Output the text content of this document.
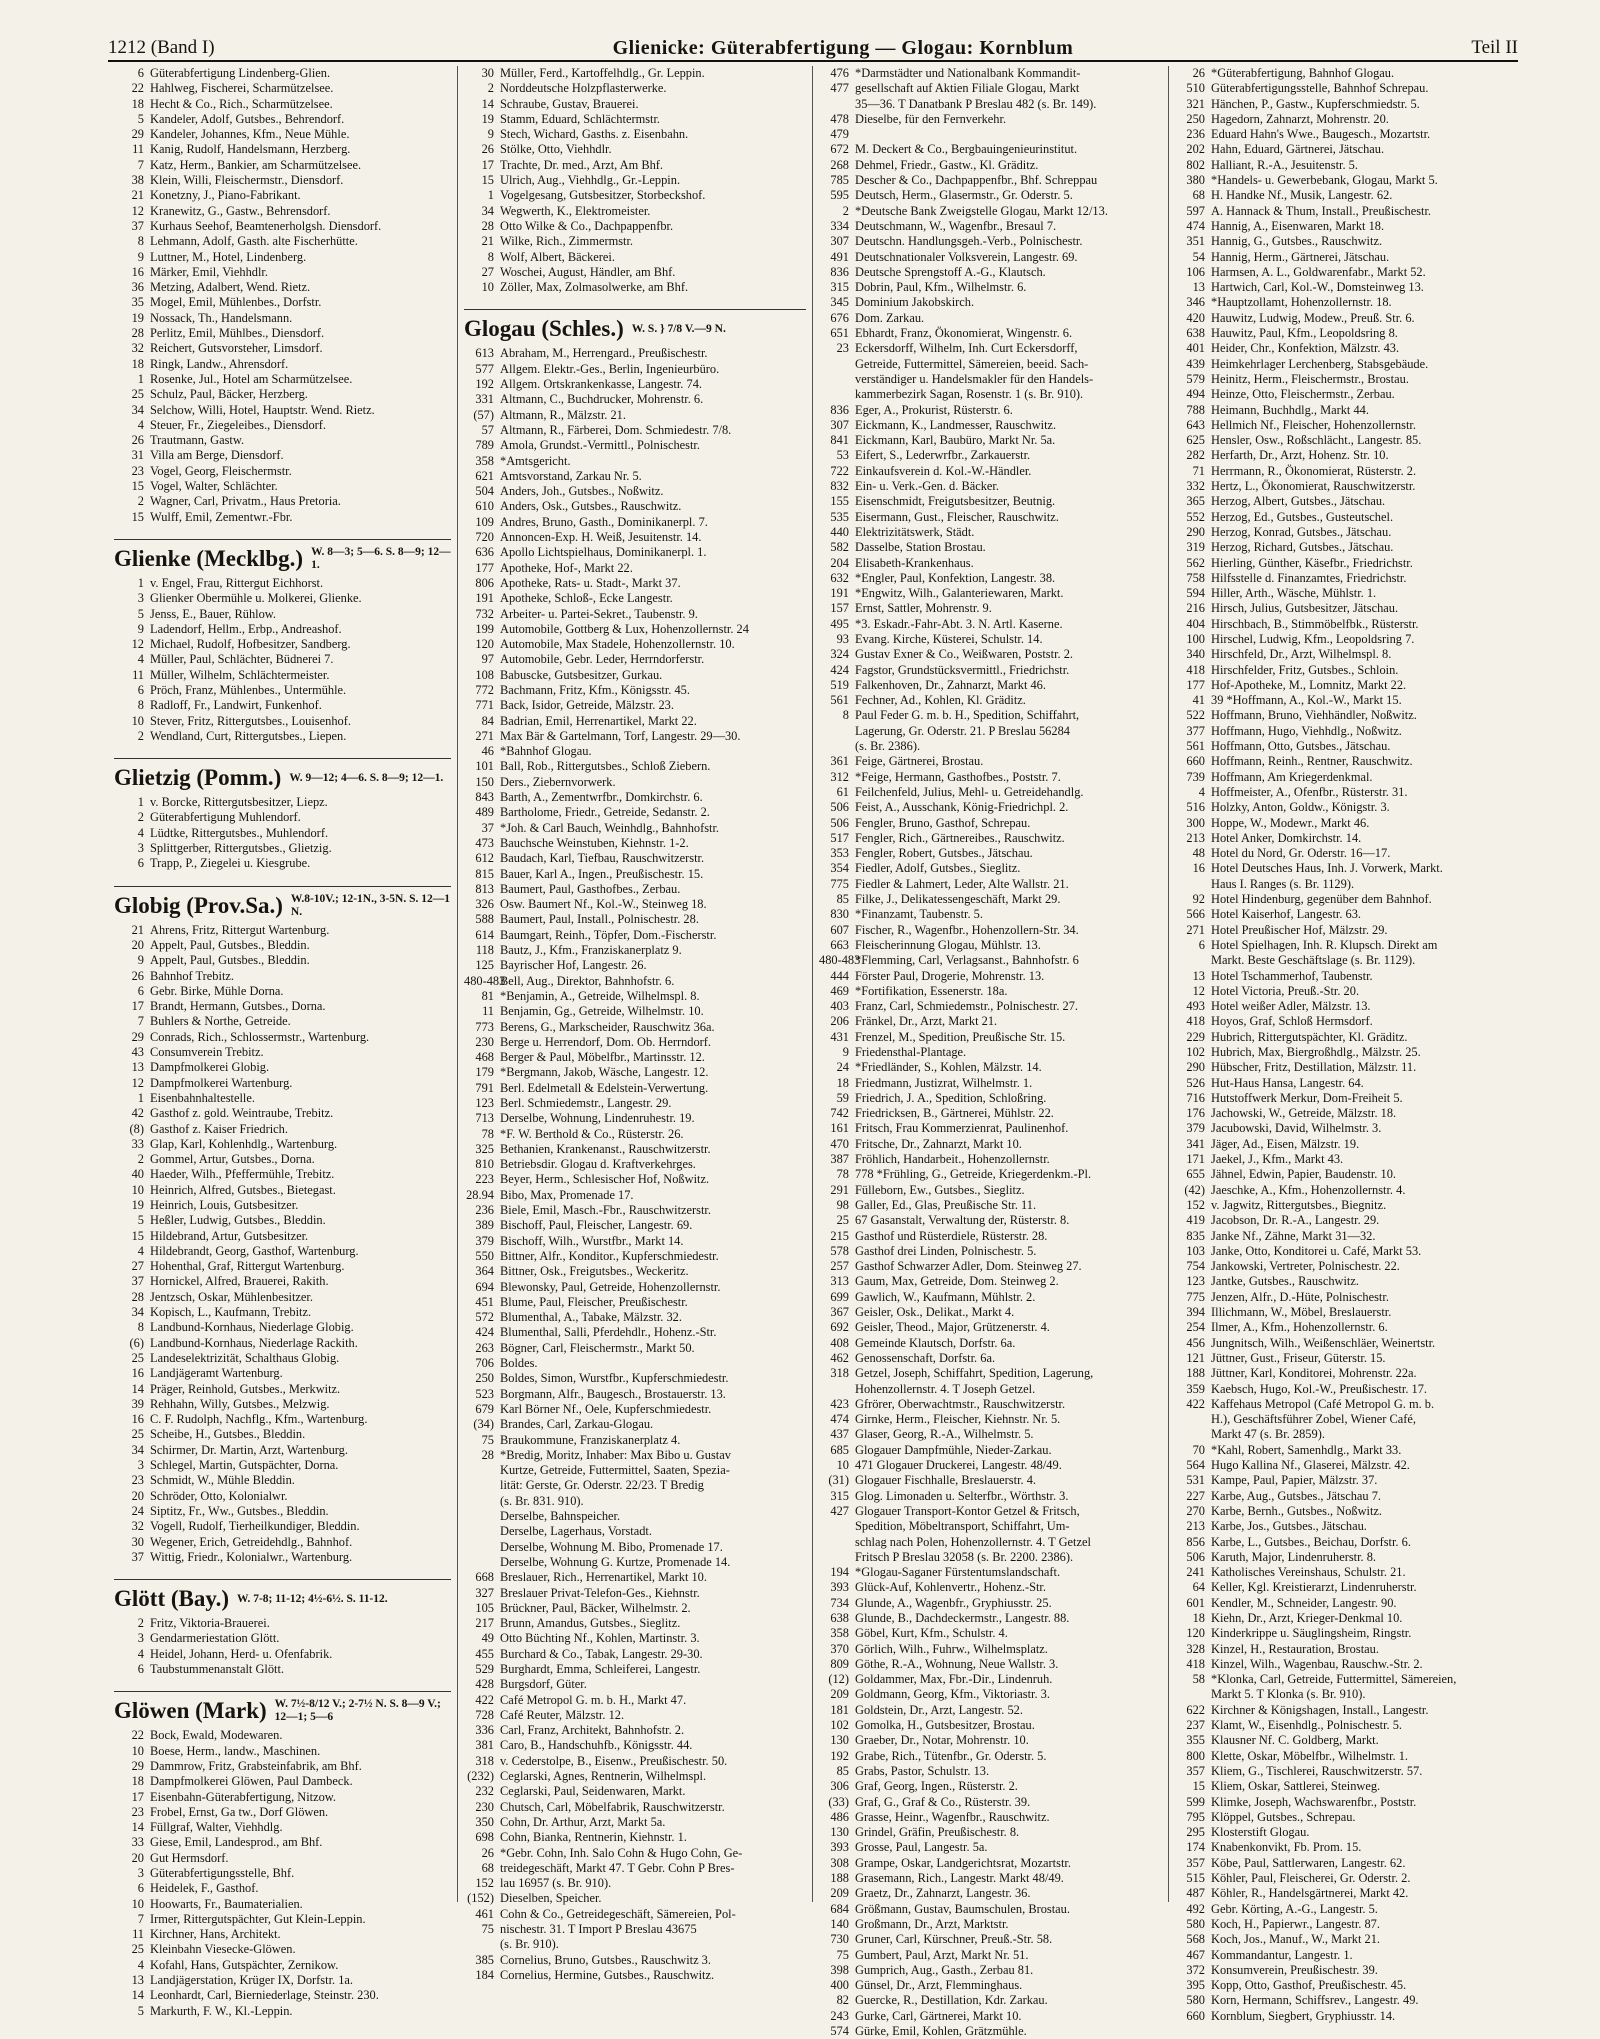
1212 (Band I)	Glienicke: Güterabfertigung — Glogau: Kornblum	Teil II
6 Güterabfertigung Lindenberg-Glien.
22 Hahlweg, Fischerei, Scharmützelsee.
18 Hecht & Co., Rich., Scharmützelsee.
5 Kandeler, Adolf, Gutsbes., Behrendorf.
29 Kandeler, Johannes, Kfm., Neue Mühle.
11 Kanig, Rudolf, Handelsmann, Herzberg.
7 Katz, Herm., Bankier, am Scharmützelsee.
38 Klein, Willi, Fleischermstr., Diensdorf.
21 Konetzny, J., Piano-Fabrikant.
12 Kranewitz, G., Gastw., Behrensdorf.
37 Kurhaus Seehof, Beamtenerholgsh. Diensdorf.
8 Lehmann, Adolf, Gasth. alte Fischerhütte.
9 Luttner, M., Hotel, Lindenberg.
16 Märker, Emil, Viehhdlr.
36 Metzing, Adalbert, Wend. Rietz.
35 Mogel, Emil, Mühlenbes., Dorfstr.
19 Nossack, Th., Handelsmann.
28 Perlitz, Emil, Mühlbes., Diensdorf.
32 Reichert, Gutsvorsteher, Limsdorf.
18 Ringk, Landw., Ahrensdorf.
1 Rosenke, Jul., Hotel am Scharmützelsee.
25 Schulz, Paul, Bäcker, Herzberg.
34 Selchow, Willi, Hotel, Hauptstr. Wend. Rietz.
4 Steuer, Fr., Ziegeleibes., Diensdorf.
26 Trautmann, Gastw.
31 Villa am Berge, Diensdorf.
23 Vogel, Georg, Fleischermstr.
15 Vogel, Walter, Schlächter.
2 Wagner, Carl, Privatm., Haus Pretoria.
15 Wulff, Emil, Zementwr.-Fbr.
Glienke (Mecklbg.) W. 8—3; 5—6. S. 8—9; 12—1.
1 v. Engel, Frau, Rittergut Eichhorst.
3 Glienker Obermühle u. Molkerei, Glienke.
5 Jenss, E., Bauer, Rühlow.
9 Ladendorf, Hellm., Erbp., Andreashof.
12 Michael, Rudolf, Hofbesitzer, Sandberg.
4 Müller, Paul, Schlächter, Büdnerei 7.
11 Müller, Wilhelm, Schlächtermeister.
6 Pröch, Franz, Mühlenbes., Untermühle.
8 Radloff, Fr., Landwirt, Funkenhof.
10 Stever, Fritz, Rittergutsbes., Louisenhof.
2 Wendland, Curt, Rittergutsbes., Liepen.
Glietzig (Pomm.) W. 9—12; 4—6. S. 8—9; 12—1.
1 v. Borcke, Rittergutsbesitzer, Liepz.
2 Güterabfertigung Muhlendorf.
4 Lüdtke, Rittergutsbes., Muhlendorf.
3 Splittgerber, Rittergutsbes., Glietzig.
6 Trapp, P., Ziegelei u. Kiesgrube.
Globig (Prov.Sa.) W.8-10V.; 12-1N., 3-5N. S. 12—1 N.
21 Ahrens, Fritz, Rittergut Wartenburg.
20 Appelt, Paul, Gutsbes., Bleddin.
9 Appelt, Paul, Gutsbes., Bleddin.
26 Bahnhof Trebitz.
6 Gebr. Birke, Mühle Dorna.
17 Brandt, Hermann, Gutsbes., Dorna.
7 Buhlers & Northe, Getreide.
29 Conrads, Rich., Schlossermstr., Wartenburg.
43 Consumverein Trebitz.
13 Dampfmolkerei Globig.
12 Dampfmolkerei Wartenburg.
1 Eisenbahnhaltestelle.
42 Gasthof z. gold. Weintraube, Trebitz.
(8) Gasthof z. Kaiser Friedrich.
33 Glap, Karl, Kohlenhdlg., Wartenburg.
2 Gommel, Artur, Gutsbes., Dorna.
40 Haeder, Wilh., Pfeffermühle, Trebitz.
10 Heinrich, Alfred, Gutsbes., Bietegast.
19 Heinrich, Louis, Gutsbesitzer.
5 Heßler, Ludwig, Gutsbes., Bleddin.
15 Hildebrand, Artur, Gutsbesitzer.
4 Hildebrandt, Georg, Gasthof, Wartenburg.
27 Hohenthal, Graf, Rittergut Wartenburg.
37 Hornickel, Alfred, Brauerei, Rakith.
28 Jentzsch, Oskar, Mühlenbesitzer.
34 Kopisch, L., Kaufmann, Trebitz.
8 Landbund-Kornhaus, Niederlage Globig.
(6) Landbund-Kornhaus, Niederlage Rackith.
25 Landeselektrizität, Schalthaus Globig.
16 Landjägeramt Wartenburg.
14 Präger, Reinhold, Gutsbes., Merkwitz.
39 Rehhahn, Willy, Gutsbes., Melzwig.
16 C. F. Rudolph, Nachflg., Kfm., Wartenburg.
25 Scheibe, H., Gutsbes., Bleddin.
34 Schirmer, Dr. Martin, Arzt, Wartenburg.
3 Schlegel, Martin, Gutspächter, Dorna.
23 Schmidt, W., Mühle Bleddin.
20 Schröder, Otto, Kolonialwr.
24 Siptitz, Fr., Ww., Gutsbes., Bleddin.
32 Vogell, Rudolf, Tierheilkundiger, Bleddin.
30 Wegener, Erich, Getreidehdlg., Bahnhof.
37 Wittig, Friedr., Kolonialwr., Wartenburg.
Glött (Bay.) W. 7-8; 11-12; 4½-6½. S. 11-12.
2 Fritz, Viktoria-Brauerei.
3 Gendarmeriestation Glött.
4 Heidel, Johann, Herd- u. Ofenfabrik.
6 Taubstummenanstalt Glött.
Glöwen (Mark) W. 7½-8/12 V.; 2-7½ N. S. 8—9 V.; 12—1; 5—6
22 Bock, Ewald, Modewaren.
10 Boese, Herm., landw., Maschinen.
29 Dammrow, Fritz, Grabsteinfabrik, am Bhf.
18 Dampfmolkerei Glöwen, Paul Dambeck.
17 Eisenbahn-Güterabfertigung, Nitzow.
23 Frobel, Ernst, Ga tw., Dorf Glöwen.
14 Füllgraf, Walter, Viehhdlg.
33 Giese, Emil, Landesprod., am Bhf.
20 Gut Hermsdorf.
3 Güterabfertigungsstelle, Bhf.
6 Heidelek, F., Gasthof.
10 Hoowarts, Fr., Baumaterialien.
7 Irmer, Rittergutspächter, Gut Klein-Leppin.
11 Kirchner, Hans, Architekt.
25 Kleinbahn Viesecke-Glöwen.
4 Kofahl, Hans, Gutspächter, Zernikow.
13 Landjägerstation, Krüger IX, Dorfstr. 1a.
14 Leonhardt, Carl, Bierniederlage, Steinstr. 230.
5 Markurth, F. W., Kl.-Leppin.
30 Müller, Ferd., Kartoffelhdlg., Gr. Leppin.
2 Norddeutsche Holzpflasterwerke.
14 Schraube, Gustav, Brauerei.
19 Stamm, Eduard, Schlächtermstr.
9 Stech, Wichard, Gasths. z. Eisenbahn.
26 Stölke, Otto, Viehhdlr.
17 Trachte, Dr. med., Arzt, Am Bhf.
15 Ulrich, Aug., Viehhdlg., Gr.-Leppin.
1 Vogelgesang, Gutsbesitzer, Storbeckshof.
34 Wegwerth, K., Elektromeister.
28 Otto Wilke & Co., Dachpappenfbr.
21 Wilke, Rich., Zimmermstr.
8 Wolf, Albert, Bäckerei.
27 Woschei, August, Händler, am Bhf.
10 Zöller, Max, Zolmasolwerke, am Bhf.
Glogau (Schles.) W. S. } 7/8 V.—9 N.
613 Abraham, M., Herrengard., Preußischestr.
577 Allgem. Elektr.-Ges., Berlin, Ingenieurbüro.
192 Allgem. Ortskrankenkasse, Langestr. 74.
331 Altmann, C., Buchdrucker, Mohrenstr. 6.
(57) Altmann, R., Mälzstr. 21.
57 Altmann, R., Färberei, Dom. Schmiedestr. 7/8.
789 Amola, Grundst.-Vermittl., Polnischestr.
358 *Amtsgericht.
621 Amtsvorstand, Zarkau Nr. 5.
504 Anders, Joh., Gutsbes., Noßwitz.
610 Anders, Osk., Gutsbes., Rauschwitz.
109 Andres, Bruno, Gasth., Dominikanerpl. 7.
720 Annoncen-Exp. H. Weiß, Jesuitenstr. 14.
636 Apollo Lichtspielhaus, Dominikanerpl. 1.
177 Apotheke, Hof-, Markt 22.
806 Apotheke, Rats- u. Stadt-, Markt 37.
191 Apotheke, Schloß-, Ecke Langestr.
732 Arbeiter- u. Partei-Sekret., Taubenstr. 9.
199 Automobile, Gottberg & Lux, Hohenzollernstr. 24
120 Automobile, Max Stadele, Hohenzollernstr. 10.
97 Automobile, Gebr. Leder, Herrndorferstr.
108 Babuscke, Gutsbesitzer, Gurkau.
772 Bachmann, Fritz, Kfm., Königsstr. 45.
771 Back, Isidor, Getreide, Mälzstr. 23.
84 Badrian, Emil, Herrenartikel, Markt 22.
271 Max Bär & Gartelmann, Torf, Langestr. 29—30.
46 *Bahnhof Glogau.
101 Ball, Rob., Rittergutsbes., Schloß Ziebern.
150 Ders., Ziebernvorwerk.
843 Barth, A., Zementwrfbr., Domkirchstr. 6.
489 Bartholome, Friedr., Getreide, Sedanstr. 2.
37 *Joh. & Carl Bauch, Weinhdlg., Bahnhofstr.
473 Bauchsche Weinstuben, Kiehnstr. 1-2.
612 Baudach, Karl, Tiefbau, Rauschwitzerstr.
815 Bauer, Karl A., Ingen., Preußischestr. 15.
813 Baumert, Paul, Gasthofbes., Zerbau.
326 Osw. Baumert Nf., Kol.-W., Steinweg 18.
588 Baumert, Paul, Install., Polnischestr. 28.
614 Baumgart, Reinh., Töpfer, Dom.-Fischerstr.
118 Bautz, J., Kfm., Franziskanerplatz 9.
125 Bayrischer Hof, Langestr. 26.
480-483Bell, Aug., Direktor, Bahnhofstr. 6.
81 *Benjamin, A., Getreide, Wilhelmspl. 8.
11 Benjamin, Gg., Getreide, Wilhelmstr. 10.
773 Berens, G., Markscheider, Rauschwitz 36a.
230 Berge u. Herrendorf, Dom. Ob. Herrndorf.
468 Berger & Paul, Möbelfbr., Martinsstr. 12.
179 *Bergmann, Jakob, Wäsche, Langestr. 12.
791 Berl. Edelmetall & Edelstein-Verwertung.
123 Berl. Schmiedemstr., Langestr. 29.
713 Derselbe, Wohnung, Lindenruhestr. 19.
78 *F. W. Berthold & Co., Rüsterstr. 26.
325 Bethanien, Krankenanst., Rauschwitzerstr.
810 Betriebsdir. Glogau d. Kraftverkehrges.
223 Beyer, Herm., Schlesischer Hof, Noßwitz.
28.94 Bibo, Max, Promenade 17.
236 Biele, Emil, Masch.-Fbr., Rauschwitzerstr.
389 Bischoff, Paul, Fleischer, Langestr. 69.
379 Bischoff, Wilh., Wurstfbr., Markt 14.
550 Bittner, Alfr., Konditor., Kupferschmiedestr.
364 Bittner, Osk., Freigutsbes., Weckeritz.
694 Blewonsky, Paul, Getreide, Hohenzollernstr.
451 Blume, Paul, Fleischer, Preußischestr.
572 Blumenthal, A., Tabake, Mälzstr. 32.
424 Blumenthal, Salli, Pferdehdlr., Hohenz.-Str.
263 Bögner, Carl, Fleischermstr., Markt 50.
706 Boldes.
250 Boldes, Simon, Wurstfbr., Kupferschmiedestr.
523 Borgmann, Alfr., Baugesch., Brostauerstr. 13.
679 Karl Börner Nf., Oele, Kupferschmiedestr.
(34) Brandes, Carl, Zarkau-Glogau.
75 Braukommune, Franziskanerplatz 4.
28 *Bredig, Moritz, Inhaber: Max Bibo u. Gustav
Kurtze, Getreide, Futtermittel, Saaten, Spezia-
lität: Gerste, Gr. Oderstr. 22/23. T Bredig
(s. Br. 831. 910).
Derselbe, Bahnspeicher.
Derselbe, Lagerhaus, Vorstadt.
Derselbe, Wohnung M. Bibo, Promenade 17.
Derselbe, Wohnung G. Kurtze, Promenade 14.
668 Breslauer, Rich., Herrenartikel, Markt 10.
327 Breslauer Privat-Telefon-Ges., Kiehnstr.
105 Brückner, Paul, Bäcker, Wilhelmstr. 2.
217 Brunn, Amandus, Gutsbes., Sieglitz.
49 Otto Büchting Nf., Kohlen, Martinstr. 3.
455 Burchard & Co., Tabak, Langestr. 29-30.
529 Burghardt, Emma, Schleiferei, Langestr.
428 Burgsdorf, Güter.
422 Café Metropol G. m. b. H., Markt 47.
728 Café Reuter, Mälzstr. 12.
336 Carl, Franz, Architekt, Bahnhofstr. 2.
381 Caro, B., Handschuhfb., Königsstr. 44.
318 v. Cederstolpe, B., Eisenw., Preußischestr. 50.
(232) Ceglarski, Agnes, Rentnerin, Wilhelmspl.
232 Ceglarski, Paul, Seidenwaren, Markt.
230 Chutsch, Carl, Möbelfabrik, Rauschwitzerstr.
350 Cohn, Dr. Arthur, Arzt, Markt 5a.
698 Cohn, Bianka, Rentnerin, Kiehnstr. 1.
26 *Gebr. Cohn, Inh. Salo Cohn & Hugo Cohn, Ge-
68 treidegeschäft, Markt 47. T Gebr. Cohn P Bres-
152 lau 16957 (s. Br. 910).
(152) Dieselben, Speicher.
461 Cohn & Co., Getreidegeschäft, Sämereien, Pol-
75 nischestr. 31. T Import P Breslau 43675
(s. Br. 910).
385 Cornelius, Bruno, Gutsbes., Rauschwitz 3.
184 Cornelius, Hermine, Gutsbes., Rauschwitz.
476 *Darmstädter und Nationalbank Kommandit-
477 gesellschaft auf Aktien Filiale Glogau, Markt
35—36. T Danatbank P Breslau 482 (s. Br. 149).
478 Dieselbe, für den Fernverkehr.
479
672 M. Deckert & Co., Bergbauingenieurinstitut.
268 Dehmel, Friedr., Gastw., Kl. Gräditz.
785 Descher & Co., Dachpappenfbr., Bhf. Schreppau
595 Deutsch, Herm., Glasermstr., Gr. Oderstr. 5.
2 *Deutsche Bank Zweigstelle Glogau, Markt 12/13.
334 Deutschmann, W., Wagenfbr., Bresaul 7.
307 Deutschn. Handlungsgeh.-Verb., Polnischestr.
491 Deutschnationaler Volksverein, Langestr. 69.
836 Deutsche Sprengstoff A.-G., Klautsch.
315 Dobrin, Paul, Kfm., Wilhelmstr. 6.
345 Dominium Jakobskirch.
676 Dom. Zarkau.
651 Ebhardt, Franz, Ökonomierat, Wingenstr. 6.
23 Eckersdorff, Wilhelm, Inh. Curt Eckersdorff,
Getreide, Futtermittel, Sämereien, beeid. Sach-
verständiger u. Handelsmakler für den Handels-
kammerbezirk Sagan, Rosenstr. 1 (s. Br. 910).
836 Eger, A., Prokurist, Rüsterstr. 6.
307 Eickmann, K., Landmesser, Rauschwitz.
841 Eickmann, Karl, Baubüro, Markt Nr. 5a.
53 Eifert, S., Lederwrfbr., Zarkauerstr.
722 Einkaufsverein d. Kol.-W.-Händler.
832 Ein- u. Verk.-Gen. d. Bäcker.
155 Eisenschmidt, Freigutsbesitzer, Beutnig.
535 Eisermann, Gust., Fleischer, Rauschwitz.
440 Elektrizitätswerk, Städt.
582 Dasselbe, Station Brostau.
204 Elisabeth-Krankenhaus.
632 *Engler, Paul, Konfektion, Langestr. 38.
191 *Engwitz, Wilh., Galanteriewaren, Markt.
157 Ernst, Sattler, Mohrenstr. 9.
495 *3. Eskadr.-Fahr-Abt. 3. N. Artl. Kaserne.
93 Evang. Kirche, Küsterei, Schulstr. 14.
324 Gustav Exner & Co., Weißwaren, Poststr. 2.
424 Fagstor, Grundstücksvermittl., Friedrichstr.
519 Falkenhoven, Dr., Zahnarzt, Markt 46.
561 Fechner, Ad., Kohlen, Kl. Gräditz.
8 Paul Feder G. m. b. H., Spedition, Schiffahrt,
Lagerung, Gr. Oderstr. 21. P Breslau 56284
(s. Br. 2386).
361 Feige, Gärtnerei, Brostau.
312 *Feige, Hermann, Gasthofbes., Poststr. 7.
61 Feilchenfeld, Julius, Mehl- u. Getreidehandlg.
506 Feist, A., Ausschank, König-Friedrichpl. 2.
506 Fengler, Bruno, Gasthof, Schrepau.
517 Fengler, Rich., Gärtnereibes., Rauschwitz.
353 Fengler, Robert, Gutsbes., Jätschau.
354 Fiedler, Adolf, Gutsbes., Sieglitz.
775 Fiedler & Lahmert, Leder, Alte Wallstr. 21.
85 Filke, J., Delikatessengeschäft, Markt 29.
830 *Finanzamt, Taubenstr. 5.
607 Fischer, R., Wagenfbr., Hohenzollern-Str. 34.
663 Fleischerinnung Glogau, Mühlstr. 13.
480-483*Flemming, Carl, Verlagsanst., Bahnhofstr. 6
444 Förster Paul, Drogerie, Mohrenstr. 13.
469 *Fortifikation, Essenerstr. 18a.
403 Franz, Carl, Schmiedemstr., Polnischestr. 27.
206 Fränkel, Dr., Arzt, Markt 21.
431 Frenzel, M., Spedition, Preußische Str. 15.
9 Friedensthal-Plantage.
24 *Friedländer, S., Kohlen, Mälzstr. 14.
18 Friedmann, Justizrat, Wilhelmstr. 1.
59 Friedrich, J. A., Spedition, Schloßring.
742 Friedricksen, B., Gärtnerei, Mühlstr. 22.
161 Fritsch, Frau Kommerzienrat, Paulinenhof.
470 Fritsche, Dr., Zahnarzt, Markt 10.
387 Fröhlich, Handarbeit., Hohenzollernstr.
78 778 *Frühling, G., Getreide, Kriegerdenkm.-Pl.
291 Fülleborn, Ew., Gutsbes., Sieglitz.
98 Galler, Ed., Glas, Preußische Str. 11.
25 67 Gasanstalt, Verwaltung der, Rüsterstr. 8.
215 Gasthof und Rüsterdiele, Rüsterstr. 28.
578 Gasthof drei Linden, Polnischestr. 5.
257 Gasthof Schwarzer Adler, Dom. Steinweg 27.
313 Gaum, Max, Getreide, Dom. Steinweg 2.
699 Gawlich, W., Kaufmann, Mühlstr. 2.
367 Geisler, Osk., Delikat., Markt 4.
692 Geisler, Theod., Major, Grützenerstr. 4.
408 Gemeinde Klautsch, Dorfstr. 6a.
462 Genossenschaft, Dorfstr. 6a.
318 Getzel, Joseph, Schiffahrt, Spedition, Lagerung,
Hohenzollernstr. 4. T Joseph Getzel.
423 Gfrörer, Oberwachtmstr., Rauschwitzerstr.
474 Girnke, Herm., Fleischer, Kiehnstr. Nr. 5.
437 Glaser, Georg, R.-A., Wilhelmstr. 5.
685 Glogauer Dampfmühle, Nieder-Zarkau.
10 471 Glogauer Druckerei, Langestr. 48/49.
(31) Glogauer Fischhalle, Breslauerstr. 4.
315 Glog. Limonaden u. Selterfbr., Wörthstr. 3.
427 Glogauer Transport-Kontor Getzel & Fritsch,
Spedition, Möbeltransport, Schiffahrt, Um-
schlag nach Polen, Hohenzollernstr. 4. T Getzel
Fritsch P Breslau 32058 (s. Br. 2200. 2386).
194 *Glogau-Saganer Fürstentumslandschaft.
393 Glück-Auf, Kohlenvertr., Hohenz.-Str.
734 Glunde, A., Wagenbfr., Gryphiusstr. 25.
638 Glunde, B., Dachdeckermstr., Langestr. 88.
358 Göbel, Kurt, Kfm., Schulstr. 4.
370 Görlich, Wilh., Fuhrw., Wilhelmsplatz.
809 Göthe, R.-A., Wohnung, Neue Wallstr. 3.
(12) Goldammer, Max, Fbr.-Dir., Lindenruh.
209 Goldmann, Georg, Kfm., Viktoriastr. 3.
181 Goldstein, Dr., Arzt, Langestr. 52.
102 Gomolka, H., Gutsbesitzer, Brostau.
130 Graeber, Dr., Notar, Mohrenstr. 10.
192 Grabe, Rich., Tütenfbr., Gr. Oderstr. 5.
85 Grabs, Pastor, Schulstr. 13.
306 Graf, Georg, Ingen., Rüsterstr. 2.
(33) Graf, G., Graf & Co., Rüsterstr. 39.
486 Grasse, Heinr., Wagenfbr., Rauschwitz.
130 Grindel, Gräfin, Preußischestr. 8.
393 Grosse, Paul, Langestr. 5a.
308 Grampe, Oskar, Landgerichtsrat, Mozartstr.
188 Grasemann, Rich., Langestr. Markt 48/49.
209 Graetz, Dr., Zahnarzt, Langestr. 36.
684 Größmann, Gustav, Baumschulen, Brostau.
140 Großmann, Dr., Arzt, Marktstr.
730 Gruner, Carl, Kürschner, Preuß.-Str. 58.
75 Gumbert, Paul, Arzt, Markt Nr. 51.
398 Gumprich, Aug., Gasth., Zerbau 81.
400 Günsel, Dr., Arzt, Flemminghaus.
82 Guercke, R., Destillation, Kdr. Zarkau.
243 Gurke, Carl, Gärtnerei, Markt 10.
574 Gürke, Emil, Kohlen, Grätzmühle.
26 *Güterabfertigung, Bahnhof Glogau.
510 Güterabfertigungsstelle, Bahnhof Schrepau.
321 Hänchen, P., Gastw., Kupferschmiedstr. 5.
250 Hagedorn, Zahnarzt, Mohrenstr. 20.
236 Eduard Hahn's Wwe., Baugesch., Mozartstr.
202 Hahn, Eduard, Gärtnerei, Jätschau.
802 Halliant, R.-A., Jesuitenstr. 5.
380 *Handels- u. Gewerbebank, Glogau, Markt 5.
68 H. Handke Nf., Musik, Langestr. 62.
597 A. Hannack & Thum, Install., Preußischestr.
474 Hannig, A., Eisenwaren, Markt 18.
351 Hannig, G., Gutsbes., Rauschwitz.
54 Hannig, Herm., Gärtnerei, Jätschau.
106 Harmsen, A. L., Goldwarenfabr., Markt 52.
13 Hartwich, Carl, Kol.-W., Domsteinweg 13.
346 *Hauptzollamt, Hohenzollernstr. 18.
420 Hauwitz, Ludwig, Modew., Preuß. Str. 6.
638 Hauwitz, Paul, Kfm., Leopoldsring 8.
401 Heider, Chr., Konfektion, Mälzstr. 43.
439 Heimkehrlager Lerchenberg, Stabsgebäude.
579 Heinitz, Herm., Fleischermstr., Brostau.
494 Heinze, Otto, Fleischermstr., Zerbau.
788 Heimann, Buchhdlg., Markt 44.
643 Hellmich Nf., Fleischer, Hohenzollernstr.
625 Hensler, Osw., Roßschlächt., Langestr. 85.
282 Herfarth, Dr., Arzt, Hohenz. Str. 10.
71 Herrmann, R., Ökonomierat, Rüsterstr. 2.
332 Hertz, L., Ökonomierat, Rauschwitzerstr.
365 Herzog, Albert, Gutsbes., Jätschau.
552 Herzog, Ed., Gutsbes., Gusteutschel.
290 Herzog, Konrad, Gutsbes., Jätschau.
319 Herzog, Richard, Gutsbes., Jätschau.
562 Hierling, Günther, Käsefbr., Friedrichstr.
758 Hilfsstelle d. Finanzamtes, Friedrichstr.
594 Hiller, Arth., Wäsche, Mühlstr. 1.
216 Hirsch, Julius, Gutsbesitzer, Jätschau.
404 Hirschbach, B., Stimmöbelfbk., Rüsterstr.
100 Hirschel, Ludwig, Kfm., Leopoldsring 7.
340 Hirschfeld, Dr., Arzt, Wilhelmspl. 8.
418 Hirschfelder, Fritz, Gutsbes., Schloin.
177 Hof-Apotheke, M., Lomnitz, Markt 22.
41 39 *Hoffmann, A., Kol.-W., Markt 15.
522 Hoffmann, Bruno, Viehhändler, Noßwitz.
377 Hoffmann, Hugo, Viehhdlg., Noßwitz.
561 Hoffmann, Otto, Gutsbes., Jätschau.
660 Hoffmann, Reinh., Rentner, Rauschwitz.
739 Hoffmann, Am Kriegerdenkmal.
4 Hoffmeister, A., Ofenfbr., Rüsterstr. 31.
516 Holzky, Anton, Goldw., Königstr. 3.
300 Hoppe, W., Modewr., Markt 46.
213 Hotel Anker, Domkirchstr. 14.
48 Hotel du Nord, Gr. Oderstr. 16—17.
16 Hotel Deutsches Haus, Inh. J. Vorwerk, Markt.
Haus I. Ranges (s. Br. 1129).
92 Hotel Hindenburg, gegenüber dem Bahnhof.
566 Hotel Kaiserhof, Langestr. 63.
271 Hotel Preußischer Hof, Mälzstr. 29.
6 Hotel Spielhagen, Inh. R. Klupsch. Direkt am
Markt. Beste Geschäftslage (s. Br. 1129).
13 Hotel Tschammerhof, Taubenstr.
12 Hotel Victoria, Preuß.-Str. 20.
493 Hotel weißer Adler, Mälzstr. 13.
418 Hoyos, Graf, Schloß Hermsdorf.
229 Hubrich, Rittergutspächter, Kl. Gräditz.
102 Hubrich, Max, Biergroßhdlg., Mälzstr. 25.
290 Hübscher, Fritz, Destillation, Mälzstr. 11.
526 Hut-Haus Hansa, Langestr. 64.
716 Hutstoffwerk Merkur, Dom-Freiheit 5.
176 Jachowski, W., Getreide, Mälzstr. 18.
379 Jacubowski, David, Wilhelmstr. 3.
341 Jäger, Ad., Eisen, Mälzstr. 19.
171 Jaekel, J., Kfm., Markt 43.
655 Jähnel, Edwin, Papier, Baudenstr. 10.
(42) Jaeschke, A., Kfm., Hohenzollernstr. 4.
152 v. Jagwitz, Rittergutsbes., Biegnitz.
419 Jacobson, Dr. R.-A., Langestr. 29.
835 Janke Nf., Zähne, Markt 31—32.
103 Janke, Otto, Konditorei u. Café, Markt 53.
754 Jankowski, Vertreter, Polnischestr. 22.
123 Jantke, Gutsbes., Rauschwitz.
775 Jenzen, Alfr., D.-Hüte, Polnischestr.
394 Illichmann, W., Möbel, Breslauerstr.
254 Ilmer, A., Kfm., Hohenzollernstr. 6.
456 Jungnitsch, Wilh., Weißenschläer, Weinertstr.
121 Jüttner, Gust., Friseur, Güterstr. 15.
188 Jüttner, Karl, Konditorei, Mohrenstr. 22a.
359 Kaebsch, Hugo, Kol.-W., Preußischestr. 17.
422 Kaffehaus Metropol (Café Metropol G. m. b.
H.), Geschäftsführer Zobel, Wiener Café,
Markt 47 (s. Br. 2859).
70 *Kahl, Robert, Samenhdlg., Markt 33.
564 Hugo Kallina Nf., Glaserei, Mälzstr. 42.
531 Kampe, Paul, Papier, Mälzstr. 37.
227 Karbe, Aug., Gutsbes., Jätschau 7.
270 Karbe, Bernh., Gutsbes., Noßwitz.
213 Karbe, Jos., Gutsbes., Jätschau.
856 Karbe, L., Gutsbes., Beichau, Dorfstr. 6.
506 Karuth, Major, Lindenruherstr. 8.
241 Katholisches Vereinshaus, Schulstr. 21.
64 Keller, Kgl. Kreistierarzt, Lindenruherstr.
601 Kendler, M., Schneider, Langestr. 90.
18 Kiehn, Dr., Arzt, Krieger-Denkmal 10.
120 Kinderkrippe u. Säuglingsheim, Ringstr.
328 Kinzel, H., Restauration, Brostau.
418 Kinzel, Wilh., Wagenbau, Rauschw.-Str. 2.
58 *Klonka, Carl, Getreide, Futtermittel, Sämereien,
Markt 5. T Klonka (s. Br. 910).
622 Kirchner & Königshagen, Install., Langestr.
237 Klamt, W., Eisenhdlg., Polnischestr. 5.
355 Klausner Nf. C. Goldberg, Markt.
800 Klette, Oskar, Möbelfbr., Wilhelmstr. 1.
357 Kliem, G., Tischlerei, Rauschwitzerstr. 57.
15 Kliem, Oskar, Sattlerei, Steinweg.
599 Klimke, Joseph, Wachswarenfbr., Poststr.
795 Klöppel, Gutsbes., Schrepau.
295 Klosterstift Glogau.
174 Knabenkonvikt, Fb. Prom. 15.
357 Köbe, Paul, Sattlerwaren, Langestr. 62.
515 Köhler, Paul, Fleischerei, Gr. Oderstr. 2.
487 Köhler, R., Handelsgärtnerei, Markt 42.
492 Gebr. Körting, A.-G., Langestr. 5.
580 Koch, H., Papierwr., Langestr. 87.
568 Koch, Jos., Manuf., W., Markt 21.
467 Kommandantur, Langestr. 1.
372 Konsumverein, Preußischestr. 39.
395 Kopp, Otto, Gasthof, Preußischestr. 45.
580 Korn, Hermann, Schiffsrev., Langestr. 49.
660 Kornblum, Siegbert, Gryphiusstr. 14.
